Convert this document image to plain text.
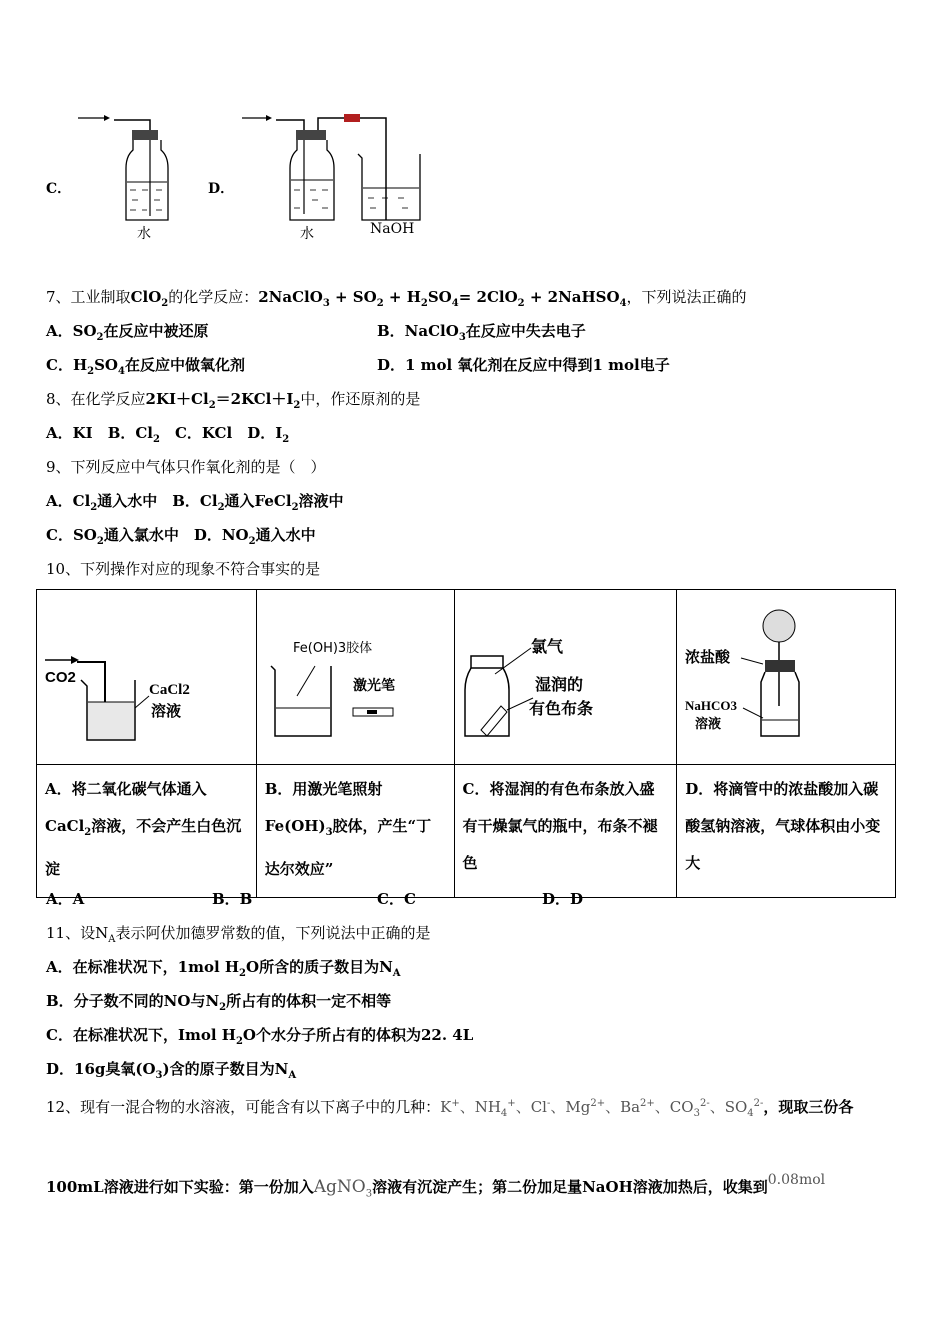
C．
水
D．
水	NaOH
7、工业制取ClO$_2$的化学反应：2NaClO$_3$ + $SO_2 + H_2SO_4= 2ClO_2$ + 2NaHSO$_4$，下列说法正确的
A．$SO_2$在反应中被还原	B．NaClO$_3$在反应中失去电子
C．$H_2SO_4$在反应中做氧化剂	D．1 mol 氧化剂在反应中得到1 mol电子
8、在化学反应$2KI+Cl_2=2KCl+I_2$中，作还原剂的是
A．KI　B．$Cl_2$　C．KCl　D．$I_2$
9、下列反应中气体只作氧化剂的是（　）
A．$Cl_2$通入水中　B．$Cl_2$通入FeCl$_2$溶液中
C．$SO_2$通入氯水中　D．$NO_2$通入水中
10、下列操作对应的现象不符合事实的是
CO2
CaCl2
溶液	Fe(OH)3胶体
激光笔	氯气
湿润的
有色布条	浓盐酸
NaHCO3
溶液

A．将二氧化碳气体通入CaCl$_2$溶液，不会产生白色沉淀	B．用激光笔照射$Fe(OH)_3$胶体，产生“丁达尔效应”	C．将湿润的有色布条放入盛有干燥氯气的瓶中，布条不褪色	D．将滴管中的浓盐酸加入碳酸氢钠溶液，气球体积由小变大
A．A	B．B	C．C	D．D
11、设$N_A$表示阿伏加德罗常数的值，下列说法中正确的是
A．在标准状况下，1mol $H_2O$所含的质子数目为$N_A$
B．分子数不同的NO与$N_2$所占有的体积一定不相等
C．在标准状况下，Imol $H_2O$个水分子所占有的体积为22. 4L
D．16g臭氧$(O_3)$含的原子数目为$N_A$
12、现有一混合物的水溶液，可能含有以下离子中的几种：K+、$NH_4^+$、Cl-、$Mg^{2+}$、$Ba^{2+}$、$CO_3^{2-}$、$SO_4^{2-}$，现取三份各
100mL溶液进行如下实验：第一份加入AgNO$_3$溶液有沉淀产生；第二份加足量NaOH溶液加热后，收集到0.08mol
